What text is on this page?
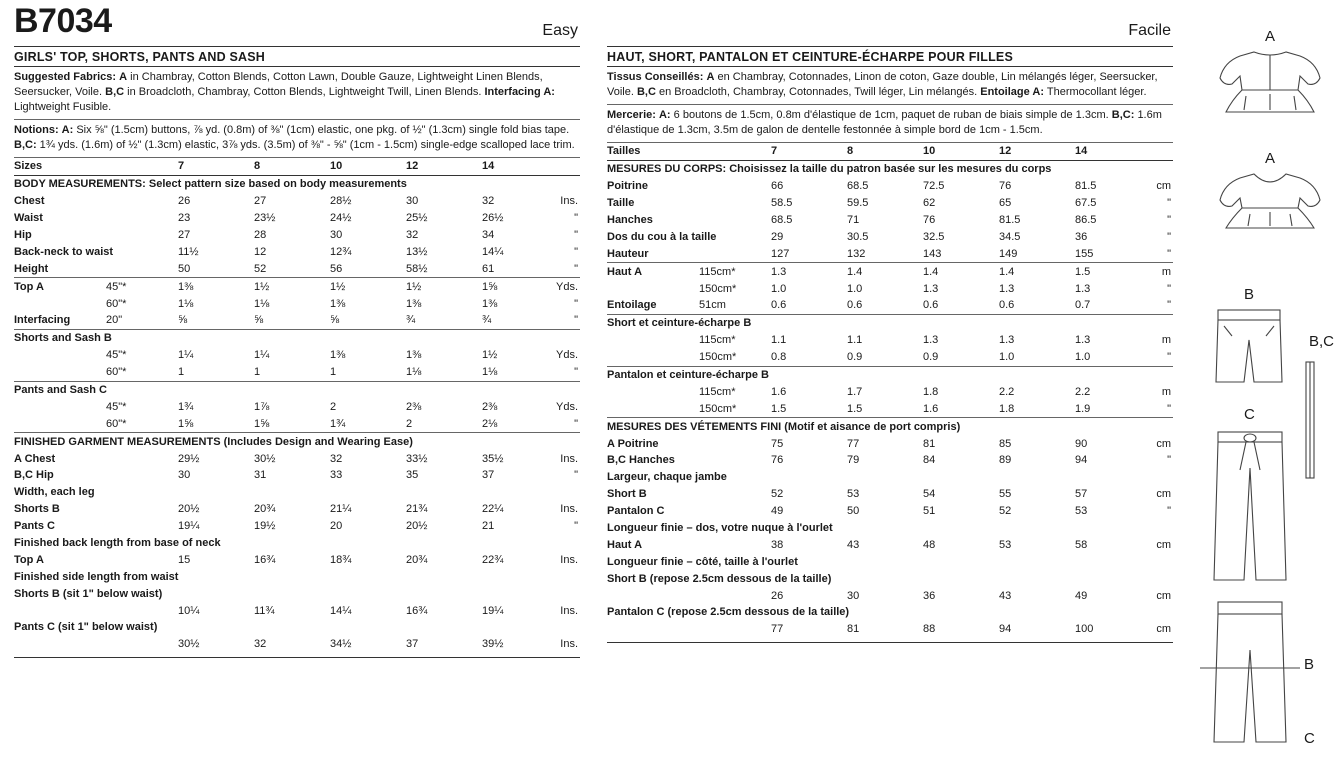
B7034	Easy
GIRLS' TOP, SHORTS, PANTS AND SASH
Suggested Fabrics: A in Chambray, Cotton Blends, Cotton Lawn, Double Gauze, Lightweight Linen Blends, Seersucker, Voile. B,C in Broadcloth, Chambray, Cotton Blends, Lightweight Twill, Linen Blends. Interfacing A: Lightweight Fusible.
Notions: A: Six ⅝" (1.5cm) buttons, ⅞ yd. (0.8m) of ⅜" (1cm) elastic, one pkg. of ½" (1.3cm) single fold bias tape. B,C: 1¾ yds. (1.6m) of ½" (1.3cm) elastic, 3⅞ yds. (3.5m) of ⅜" - ⅝" (1cm - 1.5cm) single-edge scalloped lace trim.
Sizes		7	8	10	12	14		
BODY MEASUREMENTS: Select pattern size based on body measurements								
Chest		26	27	28½	30	32		Ins.
Waist		23	23½	24½	25½	26½		"
Hip		27	28	30	32	34		"
Back-neck to waist		11½	12	12¾	13½	14¼		"
Height		50	52	56	58½	61		"
Top A	45"*	1⅜	1½	1½	1½	1⅝		Yds.
	60"*	1⅛	1⅛	1⅜	1⅜	1⅜		"
Interfacing	20"	⅝	⅝	⅝	¾	¾		"
Shorts and Sash B								
	45"*	1¼	1¼	1⅜	1⅜	1½		Yds.
	60"*	1	1	1	1⅛	1⅛		"
Pants and Sash C								
	45"*	1¾	1⅞	2	2⅜	2⅜		Yds.
	60"*	1⅝	1⅝	1¾	2	2⅛		"
FINISHED GARMENT MEASUREMENTS (Includes Design and Wearing Ease)								
A Chest		29½	30½	32	33½	35½		Ins.
B,C Hip		30	31	33	35	37		"
Width, each leg								
Shorts B		20½	20¾	21¼	21¾	22¼		Ins.
Pants C		19¼	19½	20	20½	21		"
Finished back length from base of neck								
Top A		15	16¾	18¾	20¾	22¾		Ins.
Finished side length from waist								
Shorts B (sit 1" below waist)								
		10¼	11¾	14¼	16¾	19¼		Ins.
Pants C (sit 1" below waist)								
		30½	32	34½	37	39½		Ins.
Facile
HAUT, SHORT, PANTALON ET CEINTURE-ÉCHARPE POUR FILLES
Tissus Conseillés: A en Chambray, Cotonnades, Linon de coton, Gaze double, Lin mélangés léger, Seersucker, Voile. B,C en Broadcloth, Chambray, Cotonnades, Twill léger, Lin mélangés. Entoilage A: Thermocollant léger.
Mercerie: A: 6 boutons de 1.5cm, 0.8m d'élastique de 1cm, paquet de ruban de biais simple de 1.3cm. B,C: 1.6m d'élastique de 1.3cm, 3.5m de galon de dentelle festonnée à simple bord de 1cm - 1.5cm.
Tailles		7	8	10	12	14		
MESURES DU CORPS: Choisissez la taille du patron basée sur les mesures du corps								
Poitrine		66	68.5	72.5	76	81.5		cm
Taille		58.5	59.5	62	65	67.5		"
Hanches		68.5	71	76	81.5	86.5		"
Dos du cou à la taille		29	30.5	32.5	34.5	36		"
Hauteur		127	132	143	149	155		"
Haut A	115cm*	1.3	1.4	1.4	1.4	1.5		m
	150cm*	1.0	1.0	1.3	1.3	1.3		"
Entoilage	51cm	0.6	0.6	0.6	0.6	0.7		"
Short et ceinture-écharpe B								
	115cm*	1.1	1.1	1.3	1.3	1.3		m
	150cm*	0.8	0.9	0.9	1.0	1.0		"
Pantalon et ceinture-écharpe B								
	115cm*	1.6	1.7	1.8	2.2	2.2		m
	150cm*	1.5	1.5	1.6	1.8	1.9		"
MESURES DES VÉTEMENTS FINI (Motif et aisance de port compris)								
A Poitrine		75	77	81	85	90		cm
B,C Hanches		76	79	84	89	94		"
Largeur, chaque jambe								
Short B		52	53	54	55	57		cm
Pantalon C		49	50	51	52	53		"
Longueur finie – dos, votre nuque à l'ourlet								
Haut A		38	43	48	53	58		cm
Longueur finie – côté, taille à l'ourlet								
Short B (repose 2.5cm dessous de la taille)								
		26	30	36	43	49		cm
Pantalon C (repose 2.5cm dessous de la taille)								
		77	81	88	94	100		cm
A
A
B
B,C
C
B
C
